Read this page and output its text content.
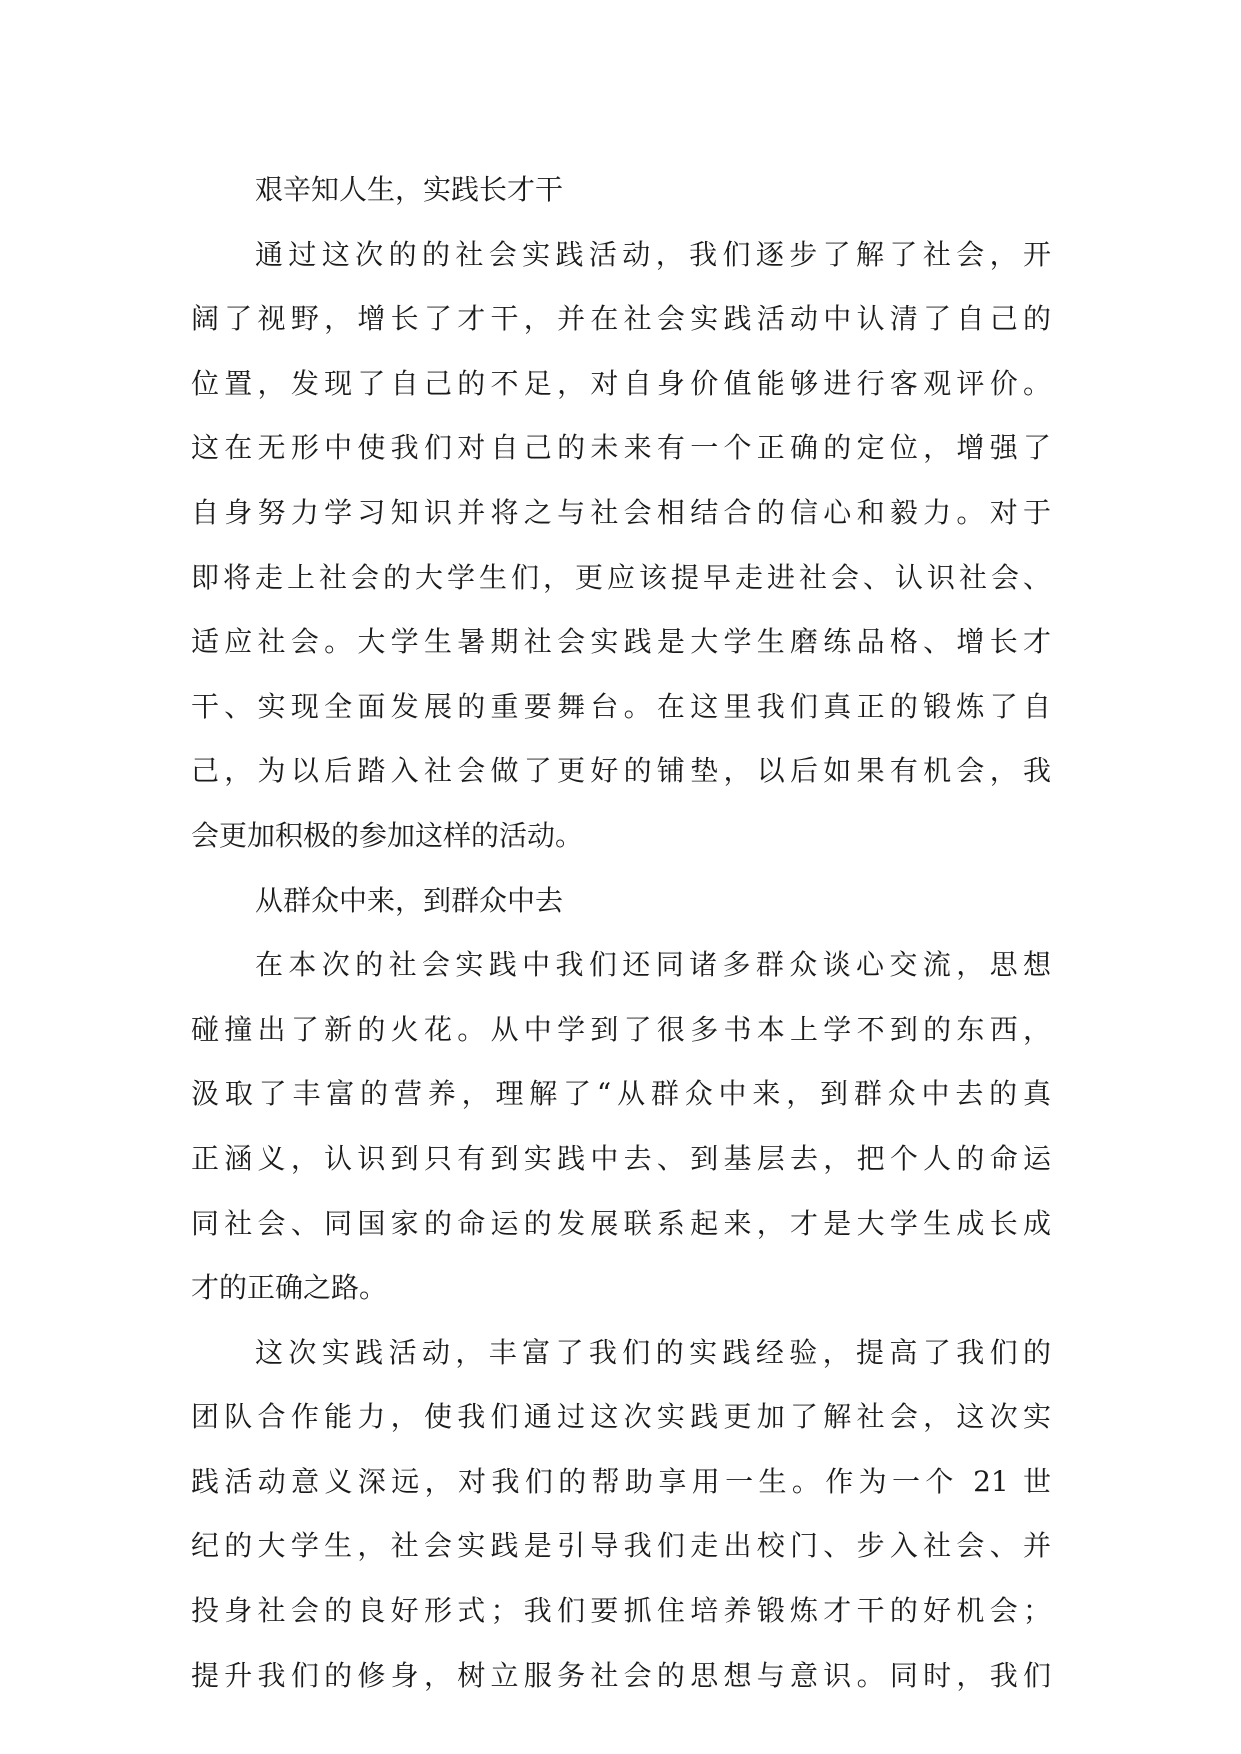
艰辛知人生，实践长才干
通过这次的的社会实践活动，我们逐步了解了社会，开
阔了视野，增长了才干，并在社会实践活动中认清了自己的
位置，发现了自己的不足，对自身价值能够进行客观评价。
这在无形中使我们对自己的未来有一个正确的定位，增强了
自身努力学习知识并将之与社会相结合的信心和毅力。对于
即将走上社会的大学生们，更应该提早走进社会、认识社会、
适应社会。大学生暑期社会实践是大学生磨练品格、增长才
干、实现全面发展的重要舞台。在这里我们真正的锻炼了自
己，为以后踏入社会做了更好的铺垫，以后如果有机会，我
会更加积极的参加这样的活动。
从群众中来，到群众中去
在本次的社会实践中我们还同诸多群众谈心交流，思想
碰撞出了新的火花。从中学到了很多书本上学不到的东西，
汲取了丰富的营养，理解了“从群众中来，到群众中去的真
正涵义，认识到只有到实践中去、到基层去，把个人的命运
同社会、同国家的命运的发展联系起来，才是大学生成长成
才的正确之路。
这次实践活动，丰富了我们的实践经验，提高了我们的
团队合作能力，使我们通过这次实践更加了解社会，这次实
践活动意义深远，对我们的帮助享用一生。作为一个 21 世
纪的大学生，社会实践是引导我们走出校门、步入社会、并
投身社会的良好形式；我们要抓住培养锻炼才干的好机会；
提升我们的修身，树立服务社会的思想与意识。同时，我们
